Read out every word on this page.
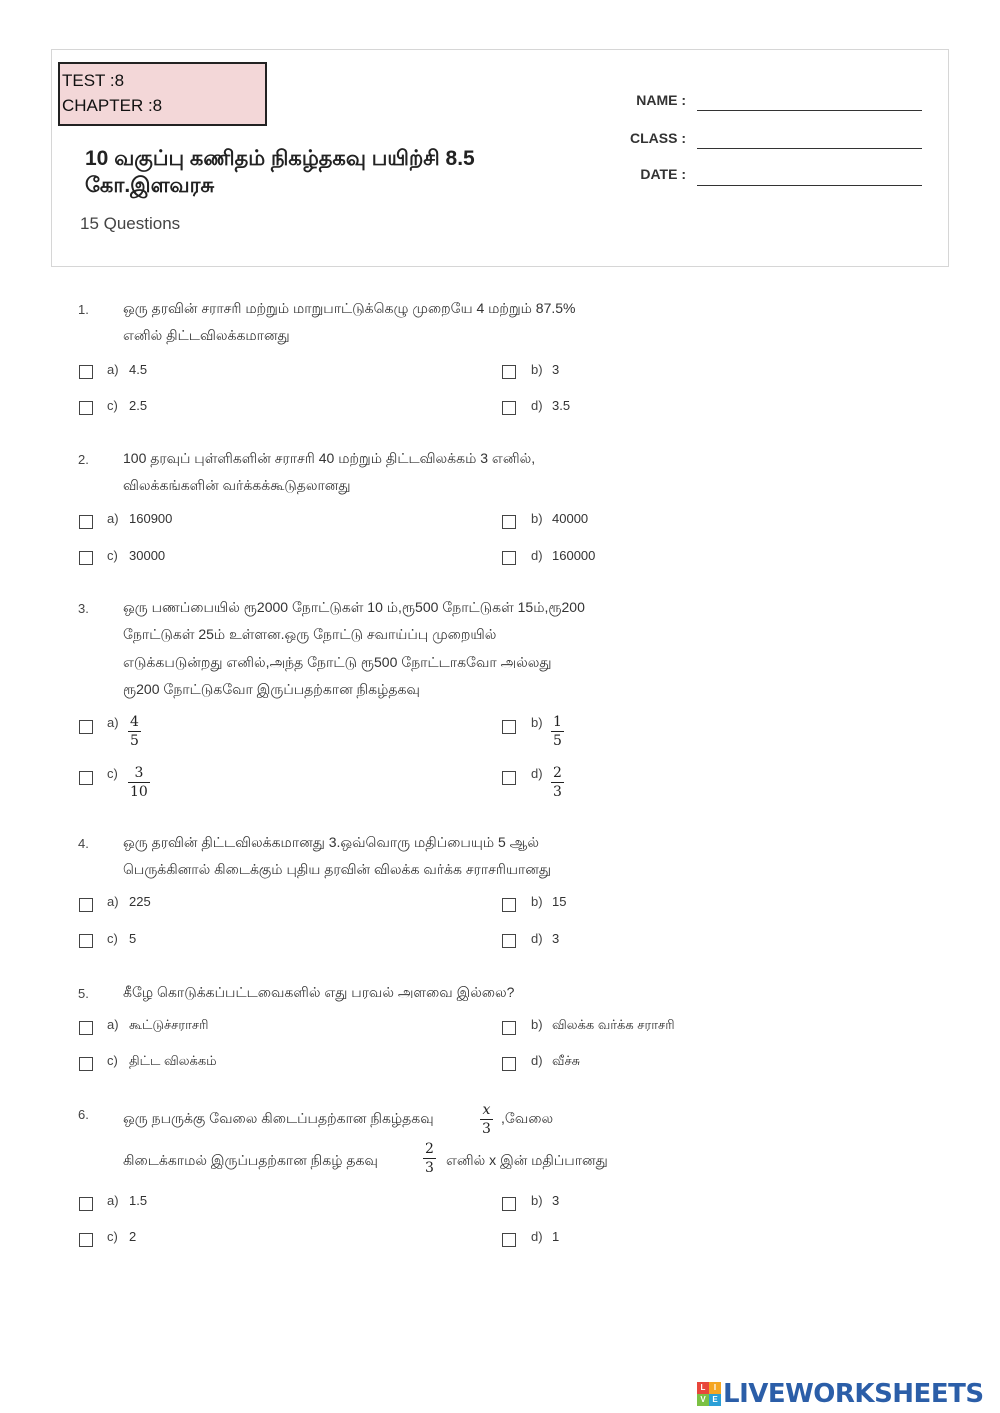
TEST :8
CHAPTER :8
10 வகுப்பு கணிதம் நிகழ்தகவு பயிற்சி 8.5
கோ.இளவரசு
15 Questions
NAME :
CLASS :
DATE :
1. ஒரு தரவின் சராசரி மற்றும் மாறுபாட்டுக்கெழு முறையே 4 மற்றும் 87.5%
எனில் திட்டவிலக்கமானது
a) 4.5	b) 3
c) 2.5	d) 3.5
2. 100 தரவுப் புள்ளிகளின் சராசரி 40 மற்றும் திட்டவிலக்கம் 3 எனில்,
விலக்கங்களின் வர்க்கக்கூடுதலானது
a) 160900	b) 40000
c) 30000	d) 160000
3. ஒரு பணப்பையில் ரூ2000 நோட்டுகள் 10 ம்,ரூ500 நோட்டுகள் 15ம்,ரூ200
நோட்டுகள் 25ம் உள்ளன.ஒரு நோட்டு சவாய்ப்பு முறையில்
எடுக்கபடுன்றது எனில்,அந்த நோட்டு ரூ500 நோட்டாகவோ அல்லது
ரூ200 நோட்டுகவோ இருப்பதற்கான நிகழ்தகவு
a) 4
5
b) 1
5
c) 3
10
d) 2
3
4. ஒரு தரவின் திட்டவிலக்கமானது 3.ஒவ்வொரு மதிப்பையும் 5 ஆல்
பெருக்கினால் கிடைக்கும் புதிய தரவின் விலக்க வர்க்க சராசரியானது
a) 225	b) 15
c) 5	d) 3
5. கீழே கொடுக்கப்பட்டவைகளில் எது பரவல் அளவை இல்லை?
a) கூட்டுச்சராசரி	b) விலக்க வர்க்க சராசரி
c) திட்ட விலக்கம்	d) வீச்சு
6. ஒரு நபருக்கு வேலை கிடைப்பதற்கான நிகழ்தகவு	x
3
,வேலை
கிடைக்காமல் இருப்பதற்கான நிகழ் தகவு
2
3 எனில் x இன் மதிப்பானது
a) 1.5	b) 3
c) 2	d) 1
L	I
V E LIVEWORKSHEETS
